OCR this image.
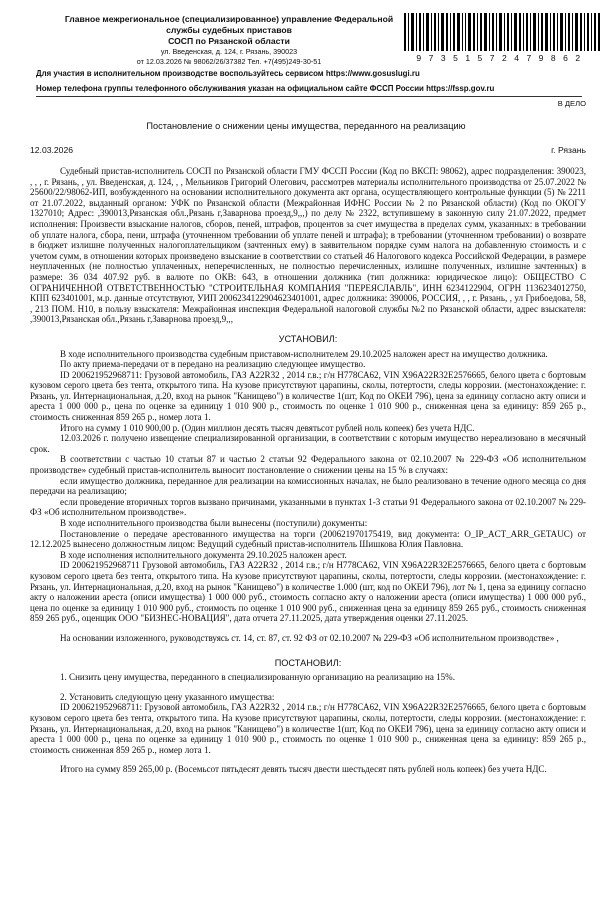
Главное межрегиональное (специализированное) управление Федеральной
службы судебных приставов
СОСП по Рязанской области
ул. Введенская, д. 124, г. Рязань, 390023
от 12.03.2026 № 98062/26/37382 Тел. +7(495)249-30-51	97351572479862
Для участия в исполнительном производстве воспользуйтесь сервисом https://www.gosuslugi.ru
Номер телефона группы телефонного обслуживания указан на официальном сайте ФССП России https://fssp.gov.ru
В ДЕЛО
Постановление о снижении цены имущества, переданного на реализацию
12.03.2026	г. Рязань

Судебный пристав-исполнитель СОСП по Рязанской области ГМУ ФССП России (Код по ВКСП: 98062), адрес подразделения: 390023, , , , г. Рязань, , ул. Введенская, д. 124, , , Мельников Григорий Олегович, рассмотрев материалы исполнительного производства от 25.07.2022 № 25600/22/98062-ИП, возбужденного на основании исполнительного документа акт органа, осуществляющего контрольные функции (5) № 2211 от 21.07.2022, выданный органом: УФК по Рязанской области (Межрайонная ИФНС России № 2 по Рязанской области) (Код по ОКОГУ 1327010; Адрес: ,390013,Рязанская обл.,Рязань г,Заварнова проезд,9,,,) по делу № 2322, вступившему в законную силу 21.07.2022, предмет исполнения: Произвести взыскание налогов, сборов, пеней, штрафов, процентов за счет имущества в пределах сумм, указанных: в требовании об уплате налога, сбора, пени, штрафа (уточненном требовании об уплате пеней и штрафа); в требовании (уточненном требовании) о возврате в бюджет излишне полученных налогоплательщиком (зачтенных ему) в заявительном порядке сумм налога на добавленную стоимость и с учетом сумм, в отношении которых произведено взыскание в соответствии со статьей 46 Налогового кодекса Российской Федерации, в размере неуплаченных (не полностью уплаченных, неперечисленных, не полностью перечисленных, излишне полученных, излишне зачтенных) в размере: 36 034 407.92 руб. в валюте по ОКВ: 643, в отношении должника (тип должника: юридическое лицо): ОБЩЕСТВО С ОГРАНИЧЕННОЙ ОТВЕТСТВЕННОСТЬЮ "СТРОИТЕЛЬНАЯ КОМПАНИЯ "ПЕРЕЯСЛАВЛЬ", ИНН 6234122904, ОГРН 1136234012750, КПП 623401001, м.р. данные отсутствуют, УИП 2006234122904623401001, адрес должника: 390006, РОССИЯ, , , г. Рязань, , ул Грибоедова, 58, , 213 ПОМ. Н10, в пользу взыскателя: Межрайонная инспекция Федеральной налоговой службы №2 по Рязанской области, адрес взыскателя: ,390013,Рязанская обл.,Рязань г,Заварнова проезд,9,,,

УСТАНОВИЛ:

В ходе исполнительного производства судебным приставом-исполнителем 29.10.2025 наложен арест на имущество должника.

По акту приема-передачи от в передано на реализацию следующее имущество.

ID 200621952968711: Грузовой автомобиль, ГАЗ A22R32 , 2014 г.в.; г/н Н778СА62, VIN X96A22R32E2576665, белого цвета с бортовым кузовом серого цвета без тента, открытого типа. На кузове присутствуют царапины, сколы, потертости, следы коррозии. (местонахождение: г. Рязань, ул. Интернациональная, д.20, вход на рынок "Канищево") в количестве 1(шт, Код по ОКЕИ 796), цена за единицу согласно акту описи и ареста 1 000 000 р., цена по оценке за единицу 1 010 900 р., стоимость по оценке 1 010 900 р., сниженная цена за единицу: 859 265 р., стоимость сниженная 859 265 р., номер лота 1.

Итого на сумму 1 010 900,00 р. (Один миллион десять тысяч девятьсот рублей ноль копеек) без учета НДС.

12.03.2026 г. получено извещение специализированной организации, в соответствии с которым имущество нереализовано в месячный срок.

В соответствии с частью 10 статьи 87 и частью 2 статьи 92 Федерального закона от 02.10.2007 № 229-ФЗ «Об исполнительном производстве» судебный пристав-исполнитель выносит постановление о снижении цены на 15 % в случаях:

если имущество должника, переданное для реализации на комиссионных началах, не было реализовано в течение одного месяца со дня передачи на реализацию;

если проведение вторичных торгов вызвано причинами, указанными в пунктах 1-3 статьи 91 Федерального закона от 02.10.2007 № 229-ФЗ «Об исполнительном производстве».

В ходе исполнительного производства были вынесены (поступили) документы:

Постановление о передаче арестованного имущества на торги (200621970175419, вид документа: O_IP_ACT_ARR_GETAUC) от 12.12.2025 вынесено должностным лицом: Ведущий судебный пристав-исполнитель Шишкова Юлия Павловна.

В ходе исполнения исполнительного документа 29.10.2025 наложен арест.

ID 200621952968711 Грузовой автомобиль, ГАЗ A22R32 , 2014 г.в.; г/н Н778СА62, VIN X96A22R32E2576665, белого цвета с бортовым кузовом серого цвета без тента, открытого типа. На кузове присутствуют царапины, сколы, потертости, следы коррозии. (местонахождение: г. Рязань, ул. Интернациональная, д.20, вход на рынок "Канищево") в количестве 1.000 (шт, код по ОКЕИ 796), лот № 1, цена за единицу согласно акту о наложении ареста (описи имущества) 1 000 000 руб., стоимость согласно акту о наложении ареста (описи имущества) 1 000 000 руб., цена по оценке за единицу 1 010 900 руб., стоимость по оценке 1 010 900 руб., сниженная цена за единицу 859 265 руб., стоимость сниженная 859 265 руб., оценщик ООО "БИЗНЕС-НОВАЦИЯ", дата отчета 27.11.2025, дата утверждения оценки 27.11.2025.

На основании изложенного, руководствуясь ст. 14, ст. 87, ст. 92 ФЗ от 02.10.2007 № 229-ФЗ «Об исполнительном производстве» ,

ПОСТАНОВИЛ:

1. Снизить цену имущества, переданного в специализированную организацию на реализацию на 15%.

2. Установить следующую цену указанного имущества:

ID 200621952968711: Грузовой автомобиль, ГАЗ A22R32 , 2014 г.в.; г/н Н778СА62, VIN X96A22R32E2576665, белого цвета с бортовым кузовом серого цвета без тента, открытого типа. На кузове присутствуют царапины, сколы, потертости, следы коррозии. (местонахождение: г. Рязань, ул. Интернациональная, д.20, вход на рынок "Канищево") в количестве 1(шт, Код по ОКЕИ 796), цена за единицу согласно акту описи и ареста 1 000 000 р., цена по оценке за единицу 1 010 900 р., стоимость по оценке 1 010 900 р., сниженная цена за единицу: 859 265 р., стоимость сниженная 859 265 р., номер лота 1.

Итого на сумму 859 265,00 р. (Восемьсот пятьдесят девять тысяч двести шестьдесят пять рублей ноль копеек) без учета НДС.
